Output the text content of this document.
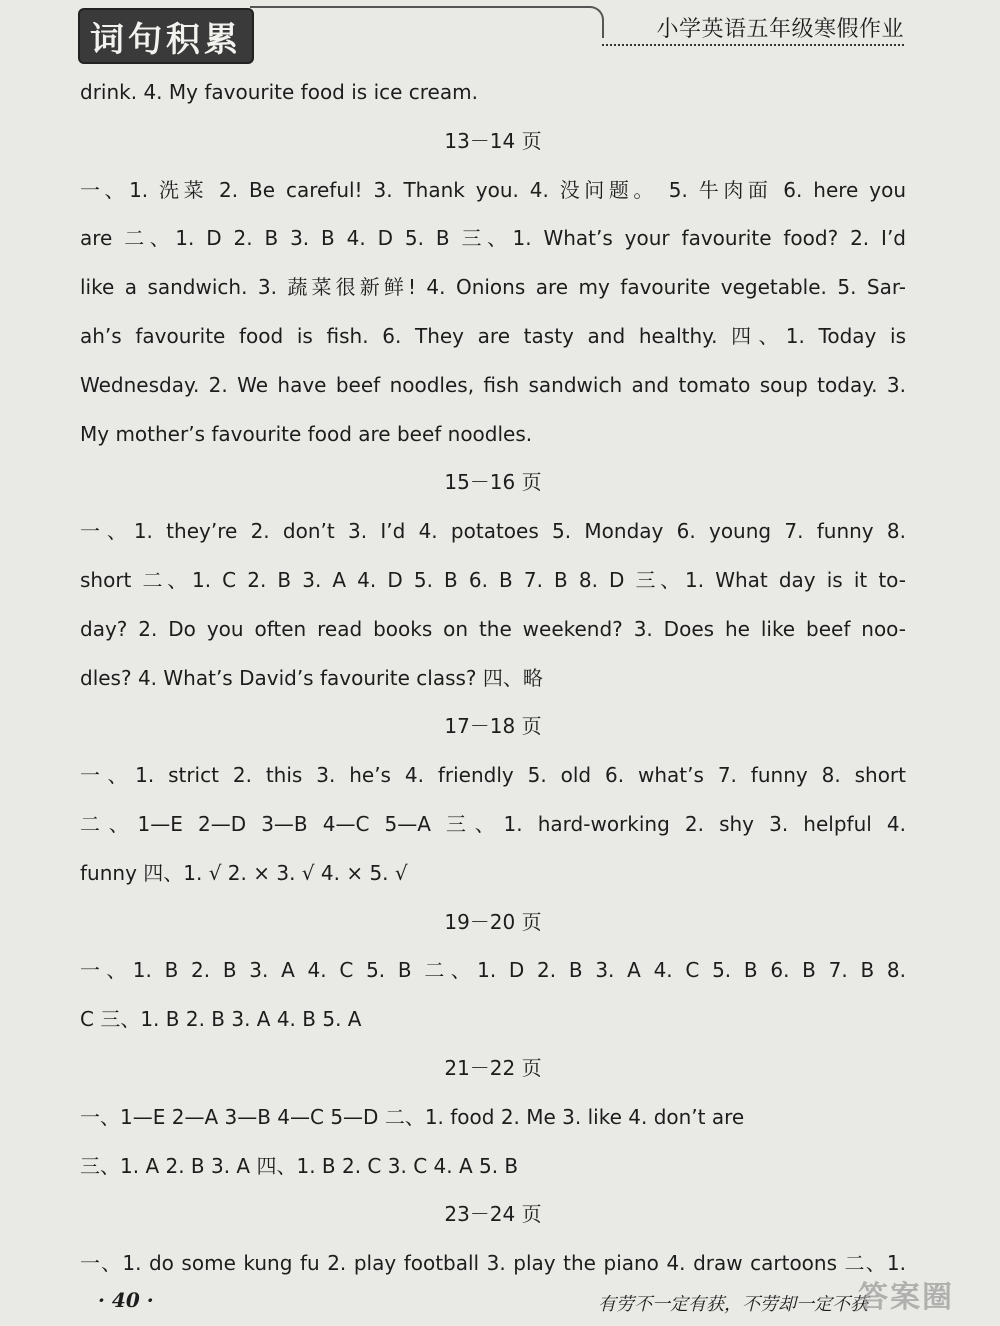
词句积累	小学英语五年级寒假作业
drink. 4. My favourite food is ice cream.
13－14 页
一、1. 洗菜 2. Be careful! 3. Thank you. 4. 没问题。 5. 牛肉面 6. here you
are 二、1. D 2. B 3. B 4. D 5. B 三、1. What’s your favourite food? 2. I’d
like a sandwich. 3. 蔬菜很新鲜! 4. Onions are my favourite vegetable. 5. Sar-
ah’s favourite food is fish. 6. They are tasty and healthy. 四、1. Today is
Wednesday. 2. We have beef noodles, fish sandwich and tomato soup today. 3.
My mother’s favourite food are beef noodles.
15－16 页
一、1. they’re 2. don’t 3. I’d 4. potatoes 5. Monday 6. young 7. funny 8.
short 二、1. C 2. B 3. A 4. D 5. B 6. B 7. B 8. D 三、1. What day is it to-
day? 2. Do you often read books on the weekend? 3. Does he like beef noo-
dles? 4. What’s David’s favourite class? 四、略
17－18 页
一、1. strict 2. this 3. he’s 4. friendly 5. old 6. what’s 7. funny 8. short
二、1—E 2—D 3—B 4—C 5—A 三、1. hard-working 2. shy 3. helpful 4.
funny 四、1. √ 2. × 3. √ 4. × 5. √
19－20 页
一、1. B 2. B 3. A 4. C 5. B 二、1. D 2. B 3. A 4. C 5. B 6. B 7. B 8.
C 三、1. B 2. B 3. A 4. B 5. A
21－22 页
一、1—E 2—A 3—B 4—C 5—D 二、1. food 2. Me 3. like 4. don’t are
三、1. A 2. B 3. A 四、1. B 2. C 3. C 4. A 5. B
23－24 页
一、1. do some kung fu 2. play football 3. play the piano 4. draw cartoons 二、1.
· 40 ·	有劳不一定有获，不劳却一定不获
答案圈
